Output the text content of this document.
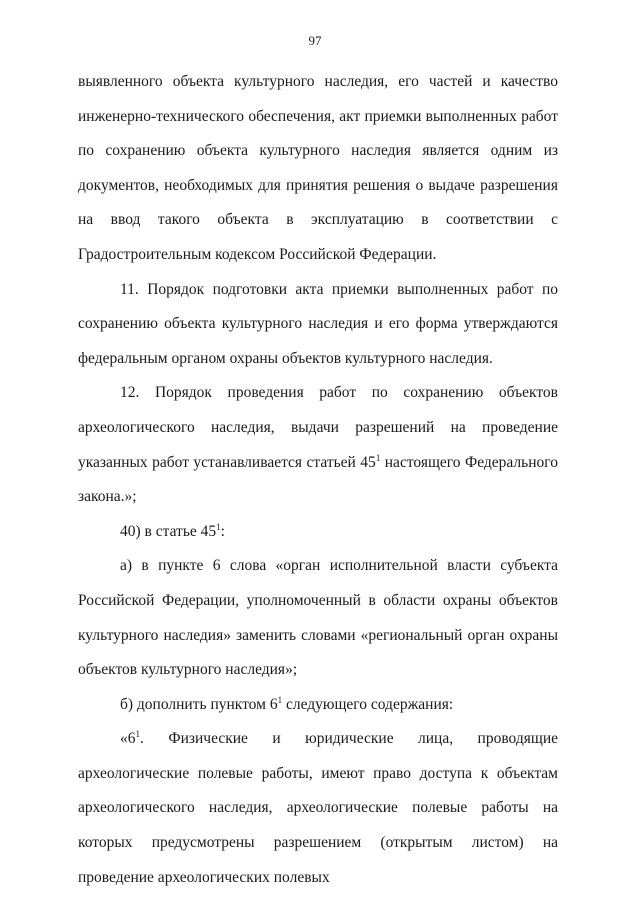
97

выявленного объекта культурного наследия, его частей и качество инженерно-технического обеспечения, акт приемки выполненных работ по сохранению объекта культурного наследия является одним из документов, необходимых для принятия решения о выдаче разрешения на ввод такого объекта в эксплуатацию в соответствии с Градостроительным кодексом Российской Федерации.

11. Порядок подготовки акта приемки выполненных работ по сохранению объекта культурного наследия и его форма утверждаются федеральным органом охраны объектов культурного наследия.

12. Порядок проведения работ по сохранению объектов археологического наследия, выдачи разрешений на проведение указанных работ устанавливается статьей $45^1$ настоящего Федерального закона.»;

40) в статье $45^1$:

а) в пункте 6 слова «орган исполнительной власти субъекта Российской Федерации, уполномоченный в области охраны объектов культурного наследия» заменить словами «региональный орган охраны объектов культурного наследия»;

б) дополнить пунктом $6^1$ следующего содержания:

«$6^1$. Физические и юридические лица, проводящие археологические полевые работы, имеют право доступа к объектам археологического наследия, археологические полевые работы на которых предусмотрены разрешением (открытым листом) на проведение археологических полевых
